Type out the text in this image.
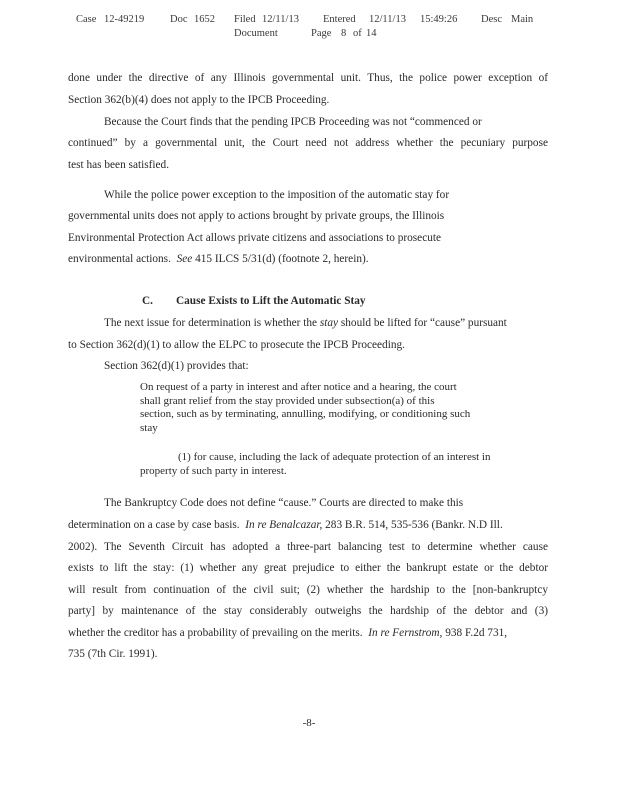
Case 12-49219 Doc 1652 Filed 12/11/13 Entered 12/11/13 15:49:26 Desc Main
Document	Page 8 of 14
done under the directive of any Illinois governmental unit. Thus, the police power exception of
Section 362(b)(4) does not apply to the IPCB Proceeding.
Because the Court finds that the pending IPCB Proceeding was not “commenced or
continued” by a governmental unit, the Court need not address whether the pecuniary purpose
test has been satisfied.
While the police power exception to the imposition of the automatic stay for
governmental units does not apply to actions brought by private groups, the Illinois
Environmental Protection Act allows private citizens and associations to prosecute
environmental actions. See 415 ILCS 5/31(d) (footnote 2, herein).
C. Cause Exists to Lift the Automatic Stay
The next issue for determination is whether the stay should be lifted for “cause” pursuant
to Section 362(d)(1) to allow the ELPC to prosecute the IPCB Proceeding.
Section 362(d)(1) provides that:
On request of a party in interest and after notice and a hearing, the court
shall grant relief from the stay provided under subsection(a) of this
section, such as by terminating, annulling, modifying, or conditioning such
stay
(1) for cause, including the lack of adequate protection of an interest in
property of such party in interest.
The Bankruptcy Code does not define “cause.” Courts are directed to make this
determination on a case by case basis. In re Benalcazar, 283 B.R. 514, 535-536 (Bankr. N.D Ill.
2002). The Seventh Circuit has adopted a three-part balancing test to determine whether cause
exists to lift the stay: (1) whether any great prejudice to either the bankrupt estate or the debtor
will result from continuation of the civil suit; (2) whether the hardship to the [non-bankruptcy
party] by maintenance of the stay considerably outweighs the hardship of the debtor and (3)
whether the creditor has a probability of prevailing on the merits. In re Fernstrom, 938 F.2d 731,
735 (7th Cir. 1991).
-8-
